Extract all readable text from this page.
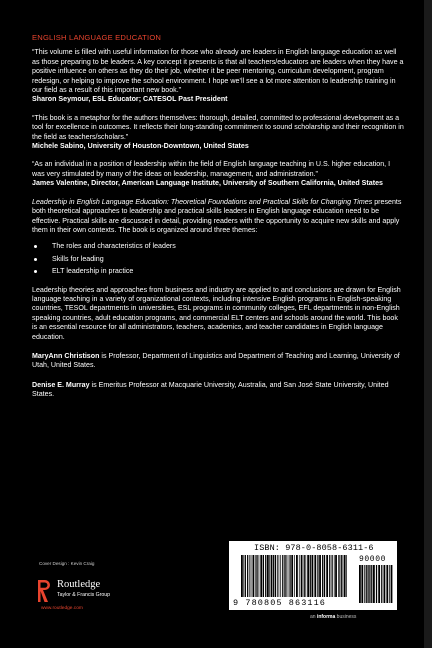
ENGLISH LANGUAGE EDUCATION

“This volume is filled with useful information for those who already are leaders in English language education as well as those preparing to be leaders. A key concept it presents is that all teachers/educators are leaders when they have a positive influence on others as they do their job, whether it be peer mentoring, curriculum development, program redesign, or helping to improve the school environment. I hope we’ll see a lot more attention to leadership training in our field as a result of this important new book.”

Sharon Seymour, ESL Educator; CATESOL Past President

“This book is a metaphor for the authors themselves: thorough, detailed, committed to professional development as a tool for excellence in outcomes. It reflects their long-standing commitment to sound scholarship and their recognition in the field as teachers/scholars.”

Michele Sabino, University of Houston-Downtown, United States

“As an individual in a position of leadership within the field of English language teaching in U.S. higher education, I was very stimulated by many of the ideas on leadership, management, and administration.”

James Valentine, Director, American Language Institute, University of Southern California, United States

Leadership in English Language Education: Theoretical Foundations and Practical Skills for Changing Times presents both theoretical approaches to leadership and practical skills leaders in English language education need to be effective. Practical skills are discussed in detail, providing readers with the opportunity to acquire new skills and apply them in their own contexts. The book is organized around three themes:

The roles and characteristics of leaders
Skills for leading
ELT leadership in practice

Leadership theories and approaches from business and industry are applied to and conclusions are drawn for English language teaching in a variety of organizational contexts, including intensive English programs in English-speaking countries, TESOL departments in universities, ESL programs in community colleges, EFL departments in non-English speaking countries, adult education programs, and commercial ELT centers and schools around the world. This book is an essential resource for all administrators, teachers, academics, and teacher candidates in English language education.

MaryAnn Christison is Professor, Department of Linguistics and Department of Teaching and Learning, University of Utah, United States.

Denise E. Murray is Emeritus Professor at Macquarie University, Australia, and San José State University, United States.

Cover Design : Kevin Craig
Routledge
Taylor & Francis Group
www.routledge.com
ISBN: 978-0-8058-6311-6
90000
9 780805 863116
an informa business
